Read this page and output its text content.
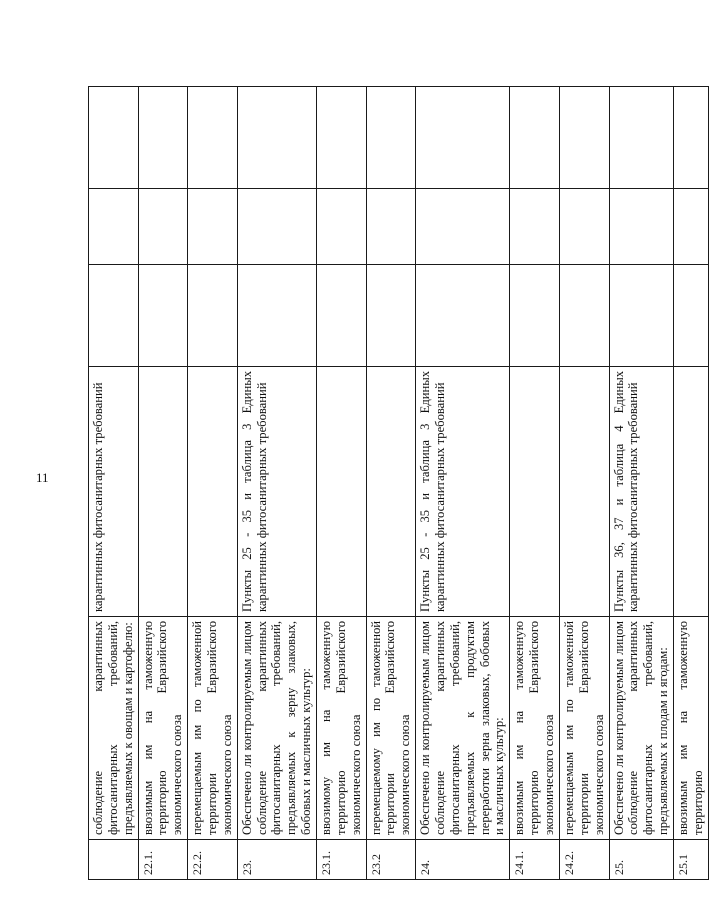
11
	соблюдение карантинных фитосанитарных требований, предъявляемых к овощам и картофелю:	карантинных фитосанитарных требований			
22.1.	ввозимым им на таможенную территорию Евразийского экономического союза				
22.2.	перемещаемым им по таможенной территории Евразийского экономического союза				
23.	Обеспечено ли контролируемым лицом соблюдение карантинных фитосанитарных требований, предъявляемых к зерну злаковых, бобовых и масличных культур:	Пункты 25 - 35 и таблица 3 Единых карантинных фитосанитарных требований			
23.1.	ввозимому им на таможенную территорию Евразийского экономического союза				
23.2	перемещаемому им по таможенной территории Евразийского экономического союза				
24.	Обеспечено ли контролируемым лицом соблюдение карантинных фитосанитарных требований, предъявляемых к продуктам переработки зерна злаковых, бобовых и масличных культур:	Пункты 25 - 35 и таблица 3 Единых карантинных фитосанитарных требований			
24.1.	ввозимым им на таможенную территорию Евразийского экономического союза				
24.2.	перемещаемым им по таможенной территории Евразийского экономического союза				
25.	Обеспечено ли контролируемым лицом соблюдение карантинных фитосанитарных требований, предъявляемых к плодам и ягодам:	Пункты 36, 37 и таблица 4 Единых карантинных фитосанитарных требований			
25.1	ввозимым им на таможенную территорию				
